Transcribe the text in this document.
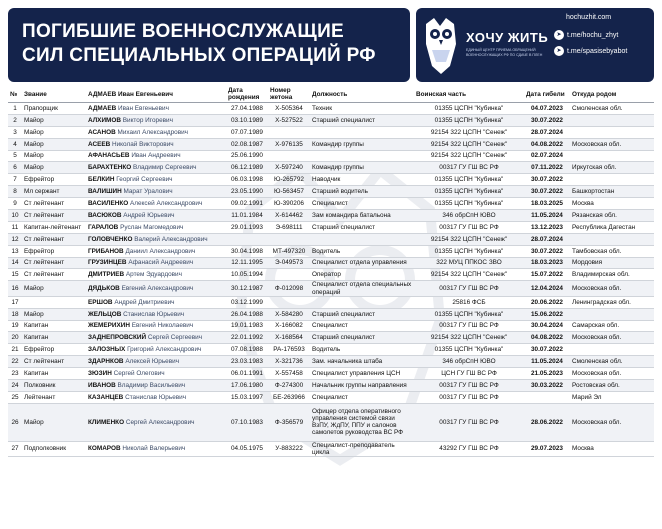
ПОГИБШИЕ ВОЕННОСЛУЖАЩИЕ
СИЛ СПЕЦИАЛЬНЫХ ОПЕРАЦИЙ РФ
ХОЧУ ЖИТЬ
ЕДИНЫЙ ЦЕНТР ПРИЕМА ОБРАЩЕНИЙ ВОЕННОСЛУЖАЩИХ РФ ПО СДАЧЕ В ПЛЕН
hochuzhit.com
➤ t.me/hochu_zhyt
➤ t.me/spasisebyabot
№	Звание	АДМАЕВ Иван Евгеньевич	Дата рождения	Номер жетона	Должность	Воинская часть	Дата гибели	Откуда родом
1	Прапорщик	АДМАЕВ Иван Евгеньевич	27.04.1988	Х-505364	Техник	01355 ЦСПН "Кубинка"	04.07.2023	Смоленская обл.
2	Майор	АЛХИМОВ Виктор Игоревич	03.10.1989	Х-527522	Старший специалист	01355 ЦСПН "Кубинка"	30.07.2022	
3	Майор	АСАНОВ Михаил Александрович	07.07.1989			92154 322 ЦСПН "Сенеж"	28.07.2024	
4	Майор	АСЕЕВ Николай Викторович	02.08.1987	Х-976135	Командир группы	92154 322 ЦСПН "Сенеж"	04.08.2022	Московская обл.
5	Майор	АФАНАСЬЕВ Иван Андреевич	25.06.1990			92154 322 ЦСПН "Сенеж"	02.07.2024	
6	Майор	БАРАХТЕНКО Владимир Сергеевич	06.12.1989	Х-597240	Командир группы	00317 ГУ ГШ ВС РФ	07.11.2022	Иркутская обл.
7	Ефрейтор	БЕЛКИН Георгий Сергеевич	06.03.1998	Ю-265792	Наводчик	01355 ЦСПН "Кубинка"	30.07.2022	
8	Мл сержант	ВАЛИШИН Марат Уралович	23.05.1990	Ю-563457	Старший водитель	01355 ЦСПН "Кубинка"	30.07.2022	Башкортостан
9	Ст лейтенант	ВАСИЛЕНКО Алексей Александрович	09.02.1991	Ю-390206	Специалист	01355 ЦСПН "Кубинка"	18.03.2025	Москва
10	Ст лейтенант	ВАСЮКОВ Андрей Юрьевич	11.01.1984	Х-614462	Зам командира батальона	346 обрСпН ЮВО	11.05.2024	Рязанская обл.
11	Капитан-лейтенант	ГАРАЛОВ Руслан Магомедович	29.01.1993	Э-698111	Старший специалист	00317 ГУ ГШ ВС РФ	13.12.2023	Республика Дагестан
12	Ст лейтенант	ГОЛОВЧЕНКО Валерий Александрович				92154 322 ЦСПН "Сенеж"	28.07.2024	
13	Ефрейтор	ГРИБАНОВ Даниил Александрович	30.04.1998	МТ-497320	Водитель	01355 ЦСПН "Кубинка"	30.07.2022	Тамбовская обл.
14	Ст лейтенант	ГРУЗИНЦЕВ Афанасий Андреевич	12.11.1995	Э-049573	Специалист отдела управления	322 МУЦ ППКОС ЗВО	18.03.2023	Мордовия
15	Ст лейтенант	ДМИТРИЕВ Артем Эдуардович	10.05.1994		Оператор	92154 322 ЦСПН "Сенеж"	15.07.2022	Владимирская обл.
16	Майор	ДЯДЬКОВ Евгений Александрович	30.12.1987	Ф-012098	Специалист отдела специальных операций	00317 ГУ ГШ ВС РФ	12.04.2024	Московская обл.
17		ЕРШОВ Андрей Дмитриевич	03.12.1999			25816 ФСБ	20.06.2022	Ленинградская обл.
18	Майор	ЖЕЛЬЦОВ Станислав Юрьевич	26.04.1988	Х-584280	Старший специалист	01355 ЦСПН "Кубинка"	15.06.2022	
19	Капитан	ЖЕМЕРИХИН Евгений Николаевич	19.01.1983	Х-166082	Специалист	00317 ГУ ГШ ВС РФ	30.04.2024	Самарская обл.
20	Капитан	ЗАДНЕПРОВСКИЙ Сергей Сергеевич	22.01.1992	Х-168564	Старший специалист	92154 322 ЦСПН "Сенеж"	04.08.2022	Московская обл.
21	Ефрейтор	ЗАЛОЗНЫХ Григорий Александрович	07.08.1988	РА-176593	Водитель	01355 ЦСПН "Кубинка"	30.07.2022	
22	Ст лейтенант	ЗДАРНКОВ Алексей Юрьевич	23.03.1983	Х-321736	Зам. начальника штаба	346 обрСпН ЮВО	11.05.2024	Смоленская обл.
23	Капитан	ЗЮЗИН Сергей Олегович	06.01.1991	Х-557458	Специалист управления ЦСН	ЦСН ГУ ГШ ВС РФ	21.05.2023	Московская обл.
24	Полковник	ИВАНОВ Владимир Васильевич	17.06.1980	Ф-274300	Начальник группы направления	00317 ГУ ГШ ВС РФ	30.03.2022	Ростовская обл.
25	Лейтенант	КАЗАНЦЕВ Станислав Юрьевич	15.03.1997	БЕ-263966	Специалист	00317 ГУ ГШ ВС РФ		Марий Эл
26	Майор	КЛИМЕНКО Сергей Александрович	07.10.1983	Ф-356579	Офицер отдела оперативного управления системой связи ВзПУ, ЖдПУ, ППУ и салонов самолетов руководства ВС РФ	00317 ГУ ГШ ВС РФ	28.06.2022	Московская обл.
27	Подполковник	КОМАРОВ Николай Валерьевич	04.05.1975	У-883222	Специалист-преподаватель цикла	43292 ГУ ГШ ВС РФ	29.07.2023	Москва
